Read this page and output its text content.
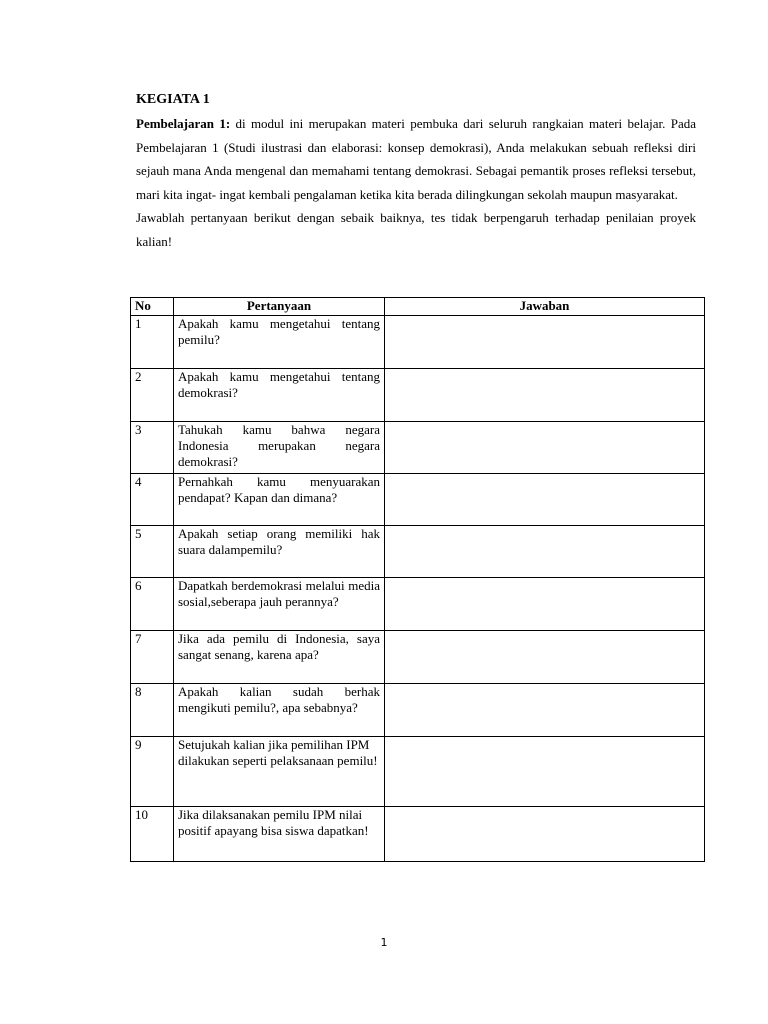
KEGIATA 1

Pembelajaran 1: di modul ini merupakan materi pembuka dari seluruh rangkaian materi belajar. Pada Pembelajaran 1 (Studi ilustrasi dan elaborasi: konsep demokrasi), Anda melakukan sebuah refleksi diri sejauh mana Anda mengenal dan memahami tentang demokrasi. Sebagai pemantik proses refleksi tersebut, mari kita ingat- ingat kembali pengalaman ketika kita berada dilingkungan sekolah maupun masyarakat.

Jawablah pertanyaan berikut dengan sebaik baiknya, tes tidak berpengaruh terhadap penilaian proyek kalian!

No	Pertanyaan	Jawaban
1	Apakah kamu mengetahui tentang pemilu?	
2	Apakah kamu mengetahui tentang demokrasi?	
3	Tahukah kamu bahwa negara Indonesia merupakan negara demokrasi?	
4	Pernahkah kamu menyuarakan pendapat? Kapan dan dimana?	
5	Apakah setiap orang memiliki hak suara dalampemilu?	
6	Dapatkah berdemokrasi melalui media sosial,seberapa jauh perannya?	
7	Jika ada pemilu di Indonesia, saya sangat senang, karena apa?	
8	Apakah kalian sudah berhak mengikuti pemilu?, apa sebabnya?	
9	Setujukah kalian jika pemilihan IPM dilakukan seperti pelaksanaan pemilu!	
10	Jika dilaksanakan pemilu IPM nilai positif apayang bisa siswa dapatkan!	
1
